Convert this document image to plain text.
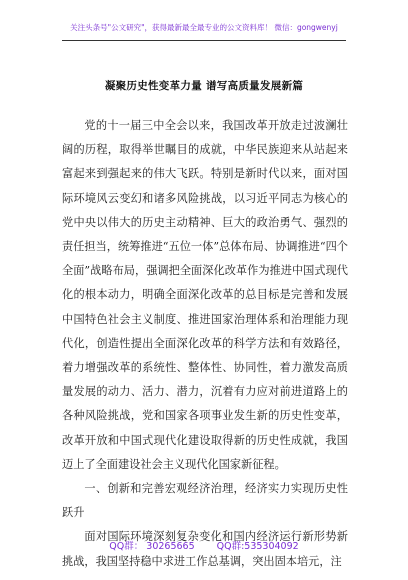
关注头条号"公文研究"，获得最新最全最专业的公文资料库！ 微信：gongwenyj
凝聚历史性变革力量 谱写高质量发展新篇

党的十一届三中全会以来，我国改革开放走过波澜壮阔的历程，取得举世瞩目的成就，中华民族迎来从站起来富起来到强起来的伟大飞跃。特别是新时代以来，面对国际环境风云变幻和诸多风险挑战，以习近平同志为核心的党中央以伟大的历史主动精神、巨大的政治勇气、强烈的责任担当，统筹推进“五位一体”总体布局、协调推进“四个全面”战略布局，强调把全面深化改革作为推进中国式现代化的根本动力，明确全面深化改革的总目标是完善和发展中国特色社会主义制度、推进国家治理体系和治理能力现代化，创造性提出全面深化改革的科学方法和有效路径，着力增强改革的系统性、整体性、协同性，着力激发高质量发展的动力、活力、潜力，沉着有力应对前进道路上的各种风险挑战，党和国家各项事业发生新的历史性变革，改革开放和中国式现代化建设取得新的历史性成就，我国迈上了全面建设社会主义现代化国家新征程。

一、创新和完善宏观经济治理，经济实力实现历史性跃升

面对国际环境深刻复杂变化和国内经济运行新形势新挑战，我国坚持稳中求进工作总基调，突出固本培元，注

QQ群： 30265665 QQ群:535304092
